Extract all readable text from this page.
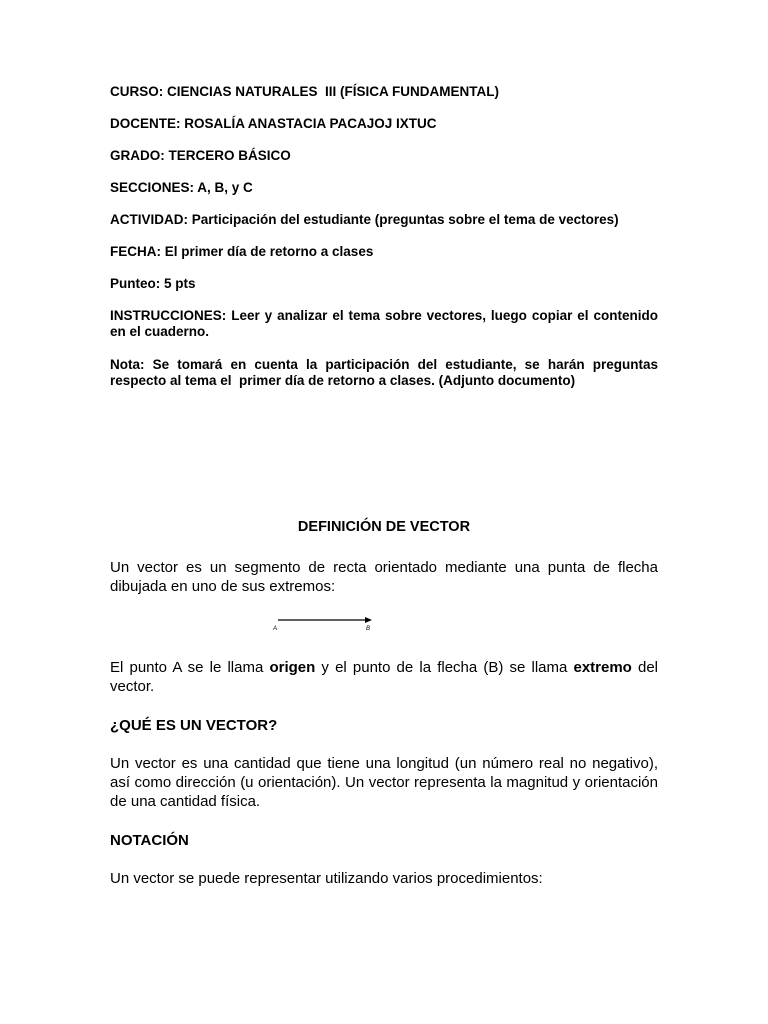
CURSO: CIENCIAS NATURALES  III (FÍSICA FUNDAMENTAL)

DOCENTE: ROSALÍA ANASTACIA PACAJOJ IXTUC

GRADO: TERCERO BÁSICO

SECCIONES: A, B, y C

ACTIVIDAD: Participación del estudiante (preguntas sobre el tema de vectores)

FECHA: El primer día de retorno a clases

Punteo: 5 pts

INSTRUCCIONES: Leer y analizar el tema sobre vectores, luego copiar el contenido en el cuaderno.

Nota: Se tomará en cuenta la participación del estudiante, se harán preguntas respecto al tema el  primer día de retorno a clases. (Adjunto documento)

DEFINICIÓN DE VECTOR

Un vector es un segmento de recta orientado mediante una punta de flecha dibujada en uno de sus extremos:

A	B

El punto A se le llama origen y el punto de la flecha (B) se llama extremo del vector.

¿QUÉ ES UN VECTOR?

Un vector es una cantidad que tiene una longitud (un número real no negativo), así como dirección (u orientación). Un vector representa la magnitud y orientación de una cantidad física.

NOTACIÓN

Un vector se puede representar utilizando varios procedimientos:
